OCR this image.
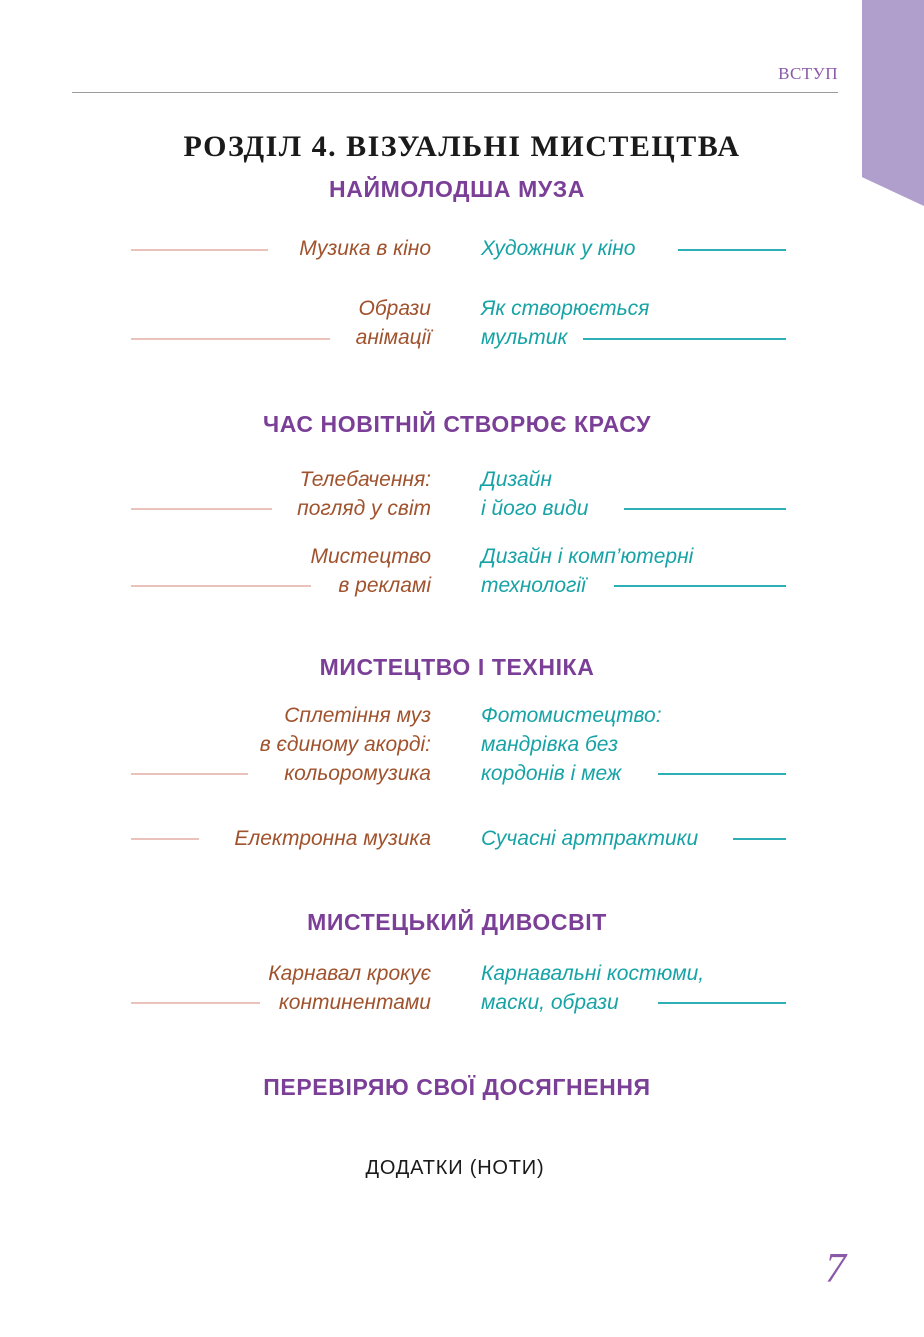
ВСТУП
РОЗДІЛ 4. ВІЗУАЛЬНІ МИСТЕЦТВА
НАЙМОЛОДША МУЗА
Музика в кіно Художник у кіно
Образи
анімації
Як створюється
мультик
ЧАС НОВІТНІЙ СТВОРЮЄ КРАСУ
Телебачення:
погляд у світ
Дизайн
і його види
Мистецтво
в рекламі
Дизайн і комп’ютерні
технології
МИСТЕЦТВО І ТЕХНІКА
Сплетіння муз
в єдиному акорді:
кольоромузика
Фотомистецтво:
мандрівка без
кордонів і меж
Електронна музика Сучасні артпрактики
МИСТЕЦЬКИЙ ДИВОСВІТ
Карнавал крокує
континентами
Карнавальні костюми,
маски, образи
ПЕРЕВІРЯЮ СВОЇ ДОСЯГНЕННЯ
ДОДАТКИ (НОТИ)
7
